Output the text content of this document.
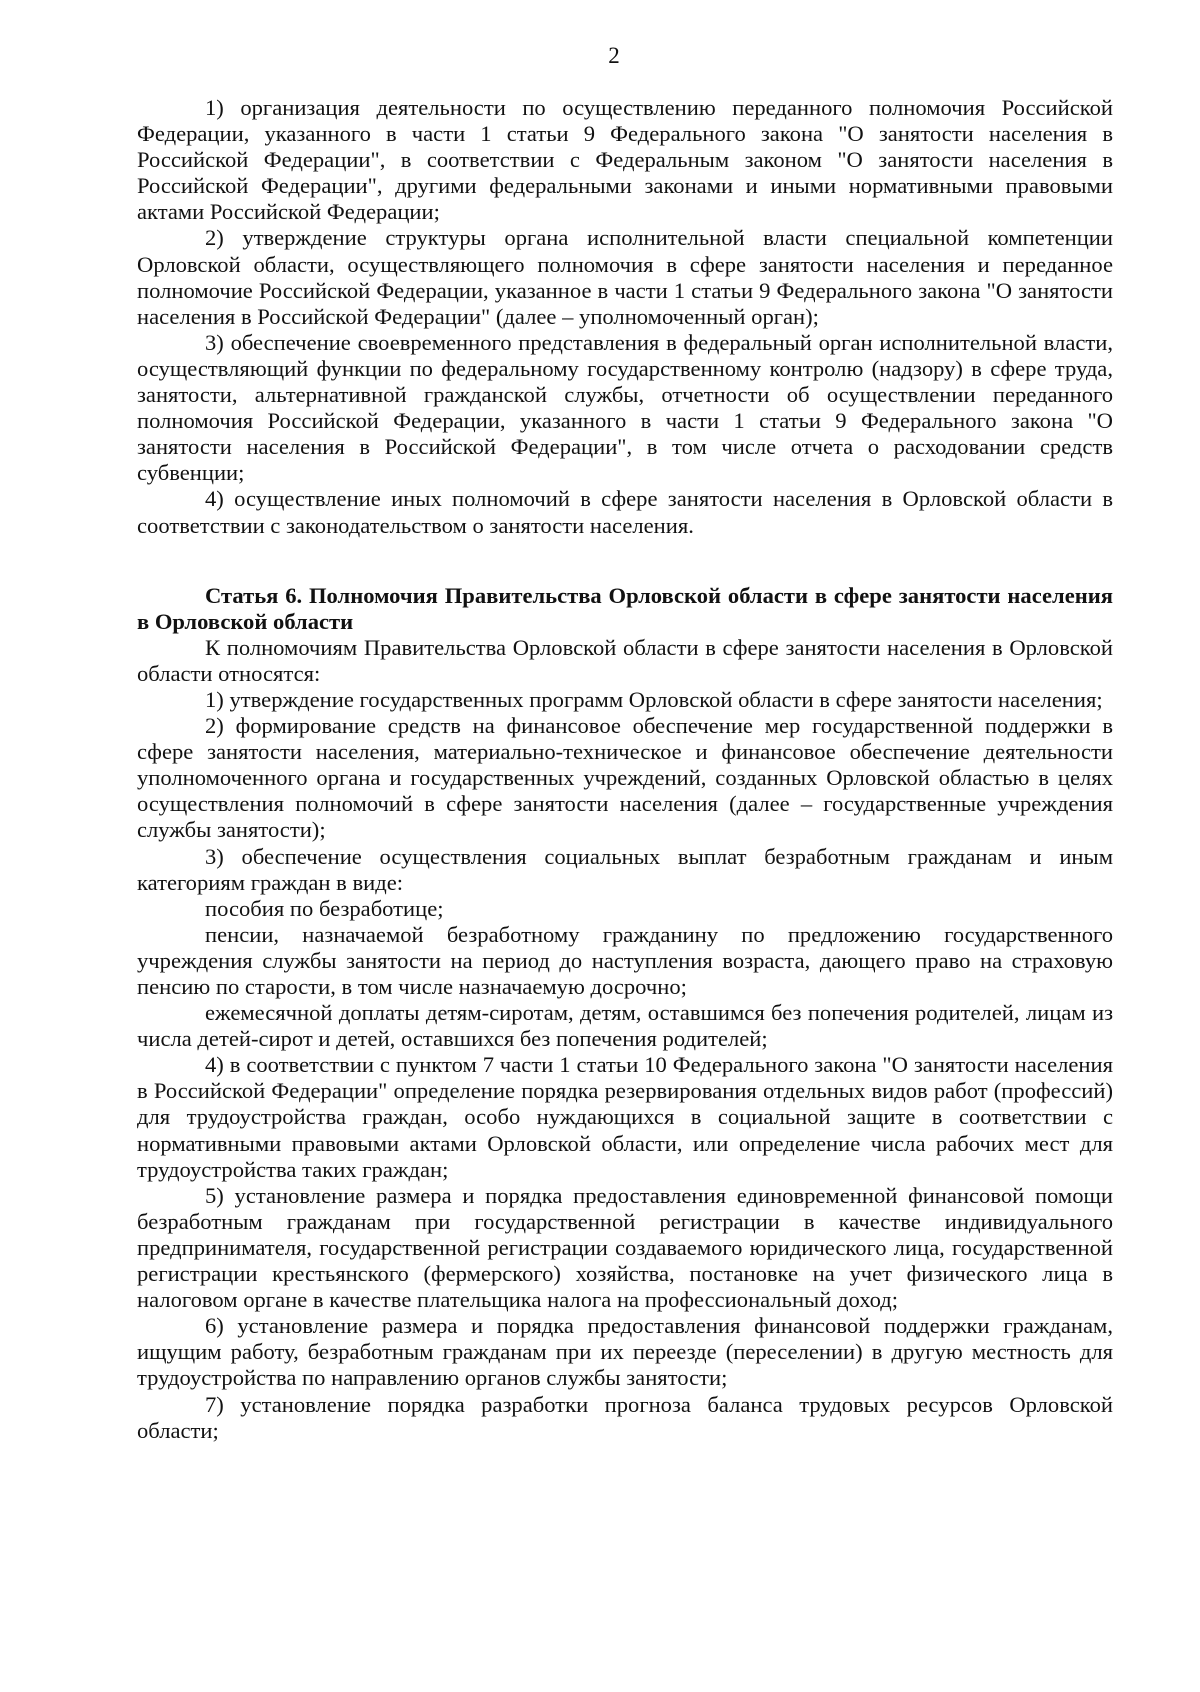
2

1) организация деятельности по осуществлению переданного полномочия Российской Федерации, указанного в части 1 статьи 9 Федерального закона "О занятости населения в Российской Федерации", в соответствии с Федеральным законом "О занятости населения в Российской Федерации", другими федеральными законами и иными нормативными правовыми актами Российской Федерации;

2) утверждение структуры органа исполнительной власти специальной компетенции Орловской области, осуществляющего полномочия в сфере занятости населения и переданное полномочие Российской Федерации, указанное в части 1 статьи 9 Федерального закона "О занятости населения в Российской Федерации" (далее – уполномоченный орган);

3) обеспечение своевременного представления в федеральный орган исполнительной власти, осуществляющий функции по федеральному государственному контролю (надзору) в сфере труда, занятости, альтернативной гражданской службы, отчетности об осуществлении переданного полномочия Российской Федерации, указанного в части 1 статьи 9 Федерального закона "О занятости населения в Российской Федерации", в том числе отчета о расходовании средств субвенции;

4) осуществление иных полномочий в сфере занятости населения в Орловской области в соответствии с законодательством о занятости населения.

Статья 6. Полномочия Правительства Орловской области в сфере занятости населения в Орловской области

К полномочиям Правительства Орловской области в сфере занятости населения в Орловской области относятся:

1) утверждение государственных программ Орловской области в сфере занятости населения;

2) формирование средств на финансовое обеспечение мер государственной поддержки в сфере занятости населения, материально-техническое и финансовое обеспечение деятельности уполномоченного органа и государственных учреждений, созданных Орловской областью в целях осуществления полномочий в сфере занятости населения (далее – государственные учреждения службы занятости);

3) обеспечение осуществления социальных выплат безработным гражданам и иным категориям граждан в виде:

пособия по безработице;

пенсии, назначаемой безработному гражданину по предложению государственного учреждения службы занятости на период до наступления возраста, дающего право на страховую пенсию по старости, в том числе назначаемую досрочно;

ежемесячной доплаты детям-сиротам, детям, оставшимся без попечения родителей, лицам из числа детей-сирот и детей, оставшихся без попечения родителей;

4) в соответствии с пунктом 7 части 1 статьи 10 Федерального закона "О занятости населения в Российской Федерации" определение порядка резервирования отдельных видов работ (профессий) для трудоустройства граждан, особо нуждающихся в социальной защите в соответствии с нормативными правовыми актами Орловской области, или определение числа рабочих мест для трудоустройства таких граждан;

5) установление размера и порядка предоставления единовременной финансовой помощи безработным гражданам при государственной регистрации в качестве индивидуального предпринимателя, государственной регистрации создаваемого юридического лица, государственной регистрации крестьянского (фермерского) хозяйства, постановке на учет физического лица в налоговом органе в качестве плательщика налога на профессиональный доход;

6) установление размера и порядка предоставления финансовой поддержки гражданам, ищущим работу, безработным гражданам при их переезде (переселении) в другую местность для трудоустройства по направлению органов службы занятости;

7) установление порядка разработки прогноза баланса трудовых ресурсов Орловской области;
